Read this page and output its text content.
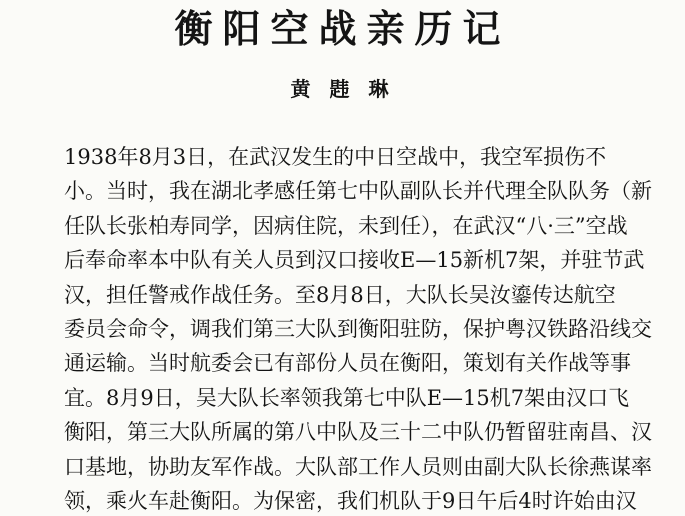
衡阳空战亲历记
黄 韪 琳
1938年8月3日，在武汉发生的中日空战中，我空军损伤不
小。当时，我在湖北孝感任第七中队副队长并代理全队队务（新
任队长张柏寿同学，因病住院，未到任），在武汉“八·三”空战
后奉命率本中队有关人员到汉口接收E—15新机7架，并驻节武
汉，担任警戒作战任务。至8月8日，大队长吴汝鎏传达航空
委员会命令，调我们第三大队到衡阳驻防，保护粤汉铁路沿线交
通运输。当时航委会已有部份人员在衡阳，策划有关作战等事
宜。8月9日，吴大队长率领我第七中队E—15机7架由汉口飞
衡阳，第三大队所属的第八中队及三十二中队仍暂留驻南昌、汉
口基地，协助友军作战。大队部工作人员则由副大队长徐燕谋率
领，乘火车赴衡阳。为保密，我们机队于9日午后4时许始由汉
